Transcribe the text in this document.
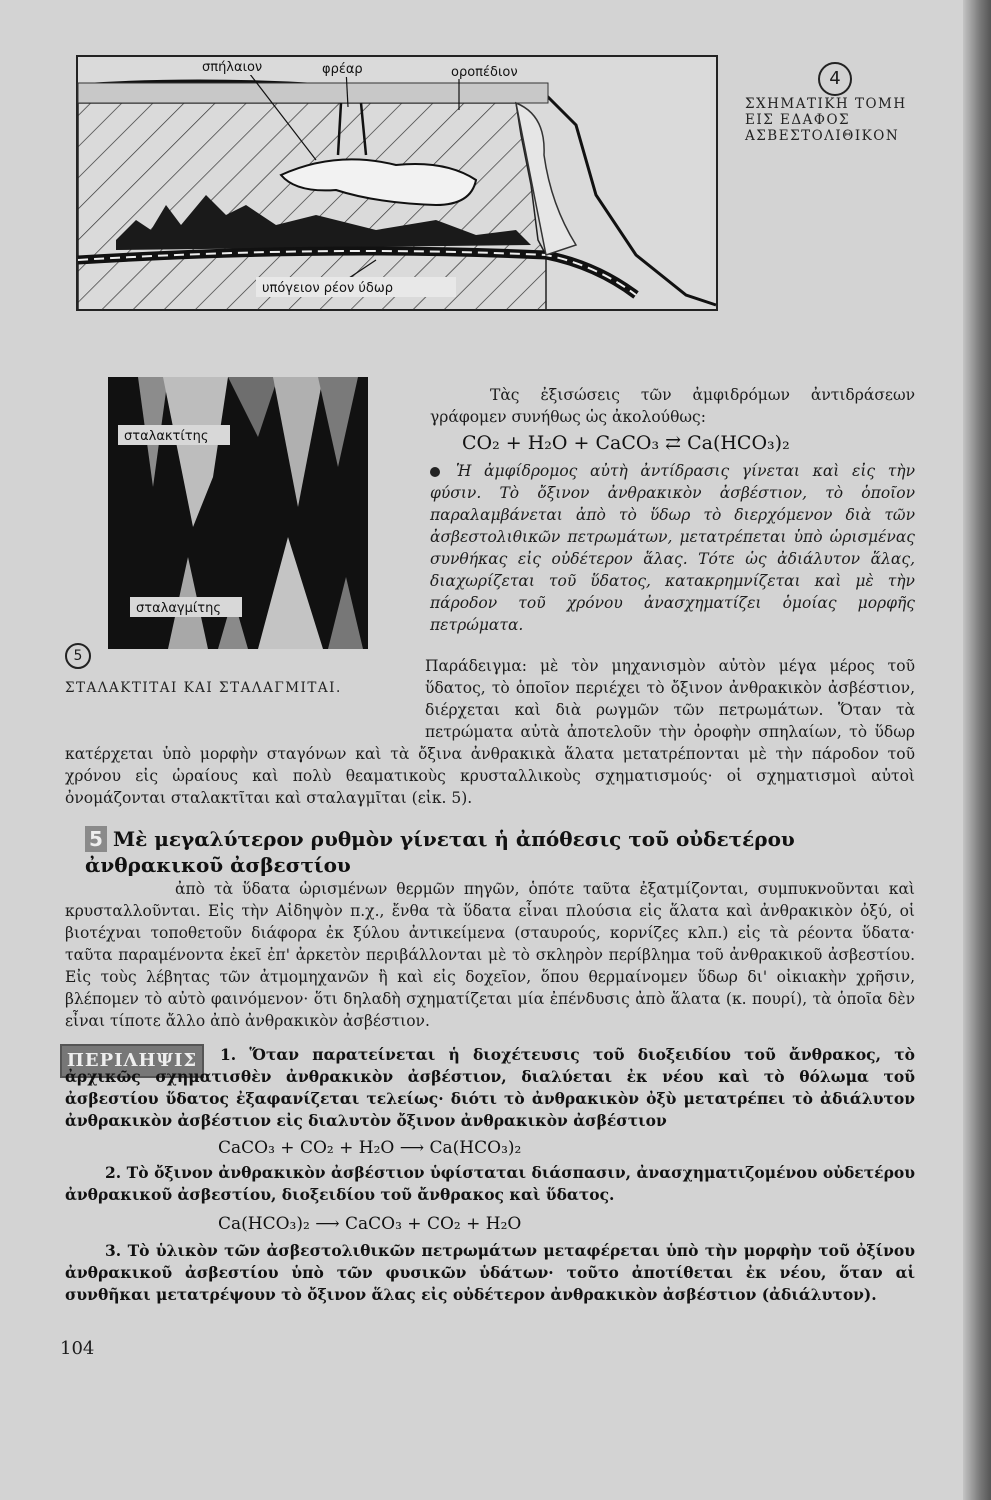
σπήλαιον	φρέαρ	οροπέδιον
υπόγειον ρέον ύδωρ
4
ΣΧΗΜΑΤΙΚΗ ΤΟΜΗ ΕΙΣ ΕΔΑΦΟΣ ΑΣΒΕΣΤΟΛΙΘΙΚΟΝ
σταλακτίτης
σταλαγμίτης
5
ΣΤΑΛΑΚΤΙΤΑΙ ΚΑΙ ΣΤΑΛΑΓΜΙΤΑΙ.

Τὰς ἐξισώσεις τῶν ἀμφιδρόμων ἀντιδράσεων γράφομεν συνήθως ὡς ἀκολούθως:

CO₂ + H₂O + CaCO₃ ⇄ Ca(HCO₃)₂

Ἡ ἀμφίδρομος αὐτὴ ἀντίδρασις γίνεται καὶ εἰς τὴν φύσιν. Τὸ ὄξινον ἀνθρακικὸν ἀσβέστιον, τὸ ὁποῖον παραλαμβάνεται ἀπὸ τὸ ὕδωρ τὸ διερχόμενον διὰ τῶν ἀσβεστολιθικῶν πετρωμάτων, μετατρέπεται ὑπὸ ὡρισμένας συνθήκας εἰς οὐδέτερον ἅλας. Τότε ὡς ἀδιάλυτον ἅλας, διαχωρίζεται τοῦ ὕδατος, κατακρημνίζεται καὶ μὲ τὴν πάροδον τοῦ χρόνου ἀνασχηματίζει ὁμοίας μορφῆς πετρώματα.

Παράδειγμα: μὲ τὸν μηχανισμὸν αὐτὸν μέγα μέρος τοῦ ὕδατος, τὸ ὁποῖον περιέχει τὸ ὄξινον ἀνθρακικὸν ἀσβέστιον, διέρχεται καὶ διὰ ρωγμῶν τῶν πετρωμάτων. Ὅταν τὰ πετρώματα αὐτὰ ἀποτελοῦν τὴν ὀροφὴν σπηλαίων, τὸ ὕδωρ κατέρχεται ὑπὸ μορφὴν σταγόνων καὶ τὰ ὄξινα ἀνθρακικὰ ἅλατα μετατρέπονται μὲ τὴν πάροδον τοῦ χρόνου εἰς ὡραίους καὶ πολὺ θεαματικοὺς κρυσταλλικοὺς σχηματισμούς· οἱ σχηματισμοὶ αὐτοὶ ὀνομάζονται σταλακτῖται καὶ σταλαγμῖται (εἰκ. 5).

5 Μὲ μεγαλύτερον ρυθμὸν γίνεται ἡ ἀπόθεσις τοῦ οὐδετέρου ἀνθρακικοῦ ἀσβεστίου

ἀπὸ τὰ ὕδατα ὡρισμένων θερμῶν πηγῶν, ὁπότε ταῦτα ἐξατμίζονται, συμπυκνοῦνται καὶ κρυσταλλοῦνται. Εἰς τὴν Αἰδηψὸν π.χ., ἔνθα τὰ ὕδατα εἶναι πλούσια εἰς ἅλατα καὶ ἀνθρακικὸν ὀξύ, οἱ βιοτέχναι τοποθετοῦν διάφορα ἐκ ξύλου ἀντικείμενα (σταυρούς, κορνίζες κλπ.) εἰς τὰ ρέοντα ὕδατα· ταῦτα παραμένοντα ἐκεῖ ἐπ' ἀρκετὸν περιβάλλονται μὲ τὸ σκληρὸν περίβλημα τοῦ ἀνθρακικοῦ ἀσβεστίου. Εἰς τοὺς λέβητας τῶν ἀτμομηχανῶν ἢ καὶ εἰς δοχεῖον, ὅπου θερμαίνομεν ὕδωρ δι' οἰκιακὴν χρῆσιν, βλέπομεν τὸ αὐτὸ φαινόμενον· ὅτι δηλαδὴ σχηματίζεται μία ἐπένδυσις ἀπὸ ἅλατα (κ. πουρί), τὰ ὁποῖα δὲν εἶναι τίποτε ἄλλο ἀπὸ ἀνθρακικὸν ἀσβέστιον.

ΠΕΡΙΛΗΨΙΣ	1. Ὅταν παρατείνεται ἡ διοχέτευσις τοῦ διοξειδίου τοῦ ἄνθρακος, τὸ ἀρχικῶς σχηματισθὲν ἀνθρακικὸν ἀσβέστιον, διαλύεται ἐκ νέου καὶ τὸ θόλωμα τοῦ ἀσβεστίου ὕδατος ἐξαφανίζεται τελείως· διότι τὸ ἀνθρακικὸν ὀξὺ μετατρέπει τὸ ἀδιάλυτον ἀνθρακικὸν ἀσβέστιον εἰς διαλυτὸν ὄξινον ἀνθρακικὸν ἀσβέστιον

CaCO₃ + CO₂ + H₂O ⟶ Ca(HCO₃)₂

2. Τὸ ὄξινον ἀνθρακικὸν ἀσβέστιον ὑφίσταται διάσπασιν, ἀνασχηματιζομένου οὐδετέρου ἀνθρακικοῦ ἀσβεστίου, διοξειδίου τοῦ ἄνθρακος καὶ ὕδατος.

Ca(HCO₃)₂ ⟶ CaCO₃ + CO₂ + H₂O

3. Τὸ ὑλικὸν τῶν ἀσβεστολιθικῶν πετρωμάτων μεταφέρεται ὑπὸ τὴν μορφὴν τοῦ ὀξίνου ἀνθρακικοῦ ἀσβεστίου ὑπὸ τῶν φυσικῶν ὑδάτων· τοῦτο ἀποτίθεται ἐκ νέου, ὅταν αἱ συνθῆκαι μετατρέψουν τὸ ὄξινον ἅλας εἰς οὐδέτερον ἀνθρακικὸν ἀσβέστιον (ἀδιάλυτον).

104
